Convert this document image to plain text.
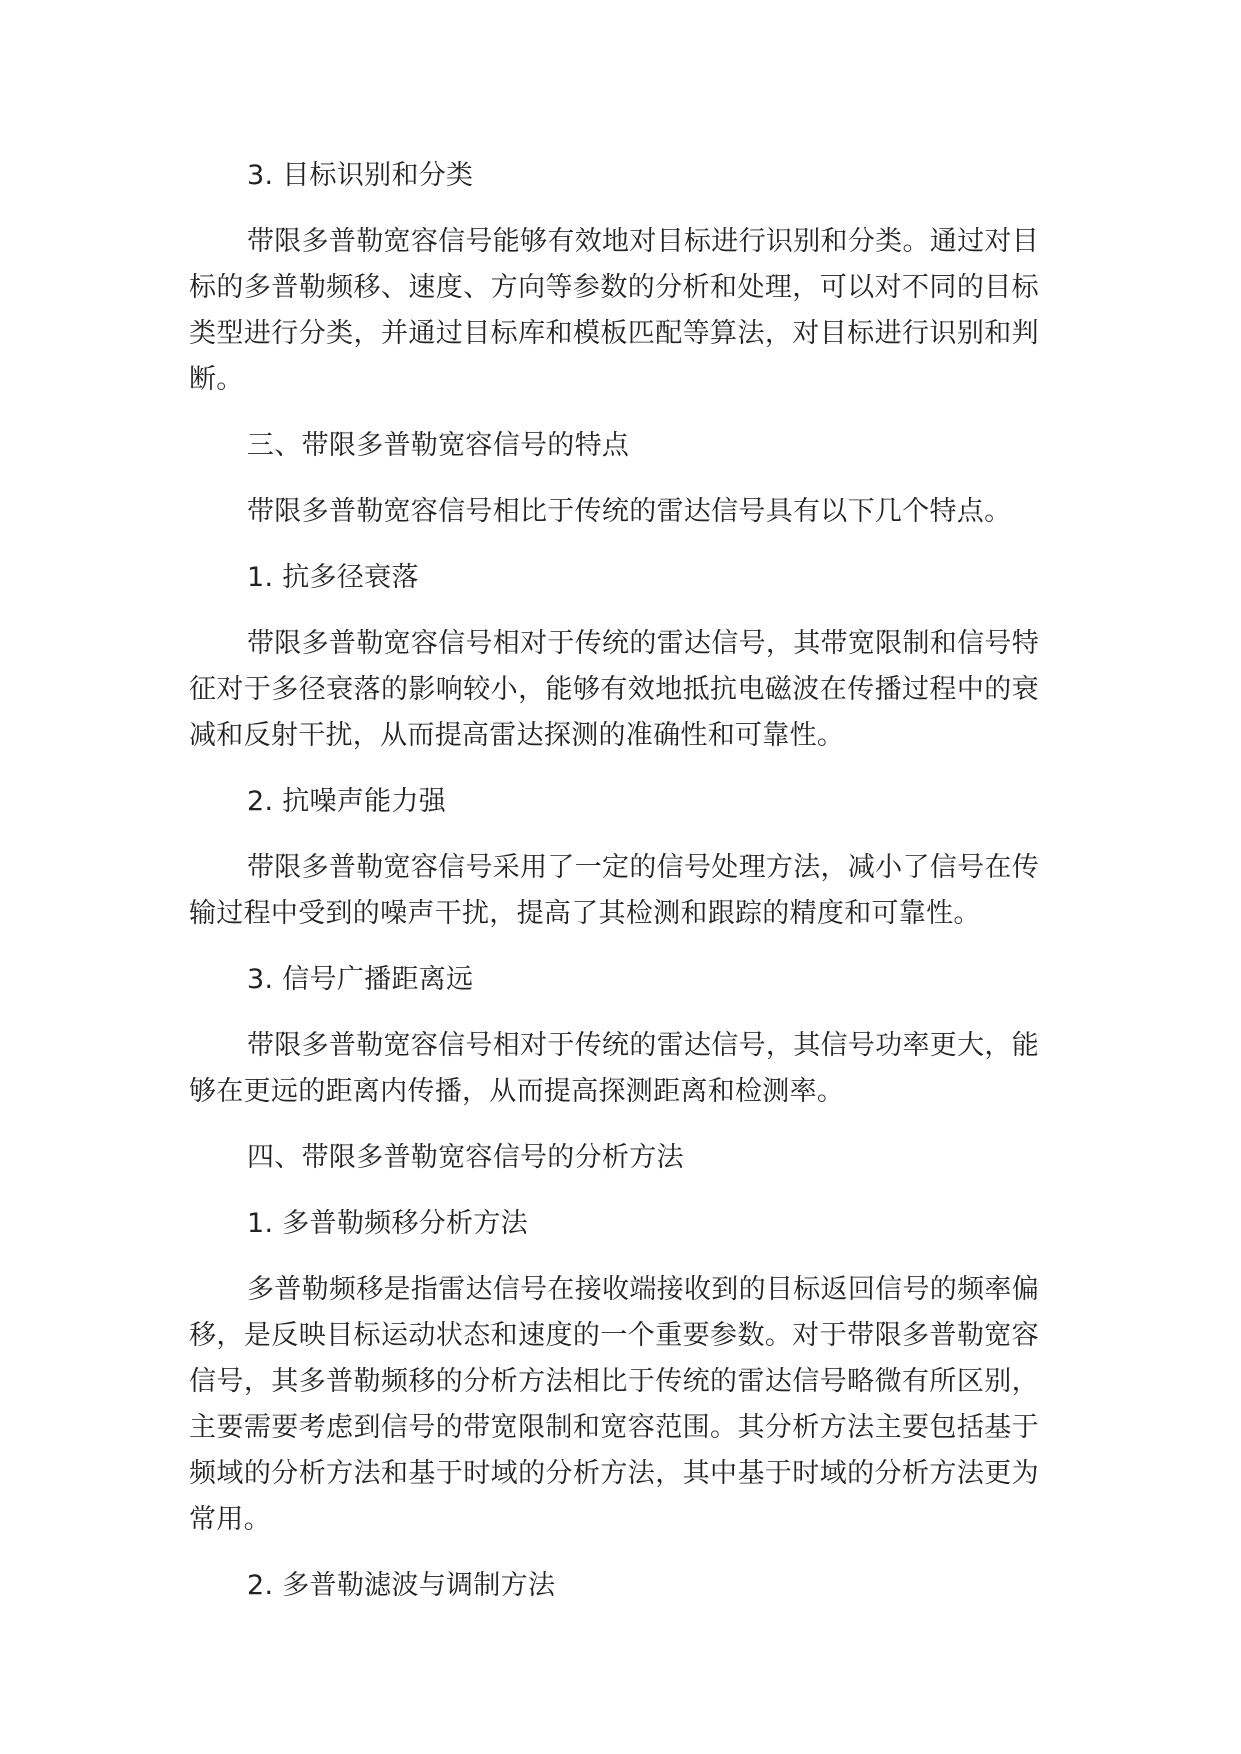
3. 目标识别和分类

带限多普勒宽容信号能够有效地对目标进行识别和分类。通过对目标的多普勒频移、速度、方向等参数的分析和处理，可以对不同的目标类型进行分类，并通过目标库和模板匹配等算法，对目标进行识别和判断。

三、带限多普勒宽容信号的特点

带限多普勒宽容信号相比于传统的雷达信号具有以下几个特点。

1. 抗多径衰落

带限多普勒宽容信号相对于传统的雷达信号，其带宽限制和信号特征对于多径衰落的影响较小，能够有效地抵抗电磁波在传播过程中的衰减和反射干扰，从而提高雷达探测的准确性和可靠性。

2. 抗噪声能力强

带限多普勒宽容信号采用了一定的信号处理方法，减小了信号在传输过程中受到的噪声干扰，提高了其检测和跟踪的精度和可靠性。

3. 信号广播距离远

带限多普勒宽容信号相对于传统的雷达信号，其信号功率更大，能够在更远的距离内传播，从而提高探测距离和检测率。

四、带限多普勒宽容信号的分析方法

1. 多普勒频移分析方法

多普勒频移是指雷达信号在接收端接收到的目标返回信号的频率偏移，是反映目标运动状态和速度的一个重要参数。对于带限多普勒宽容信号，其多普勒频移的分析方法相比于传统的雷达信号略微有所区别，主要需要考虑到信号的带宽限制和宽容范围。其分析方法主要包括基于频域的分析方法和基于时域的分析方法，其中基于时域的分析方法更为常用。

2. 多普勒滤波与调制方法
